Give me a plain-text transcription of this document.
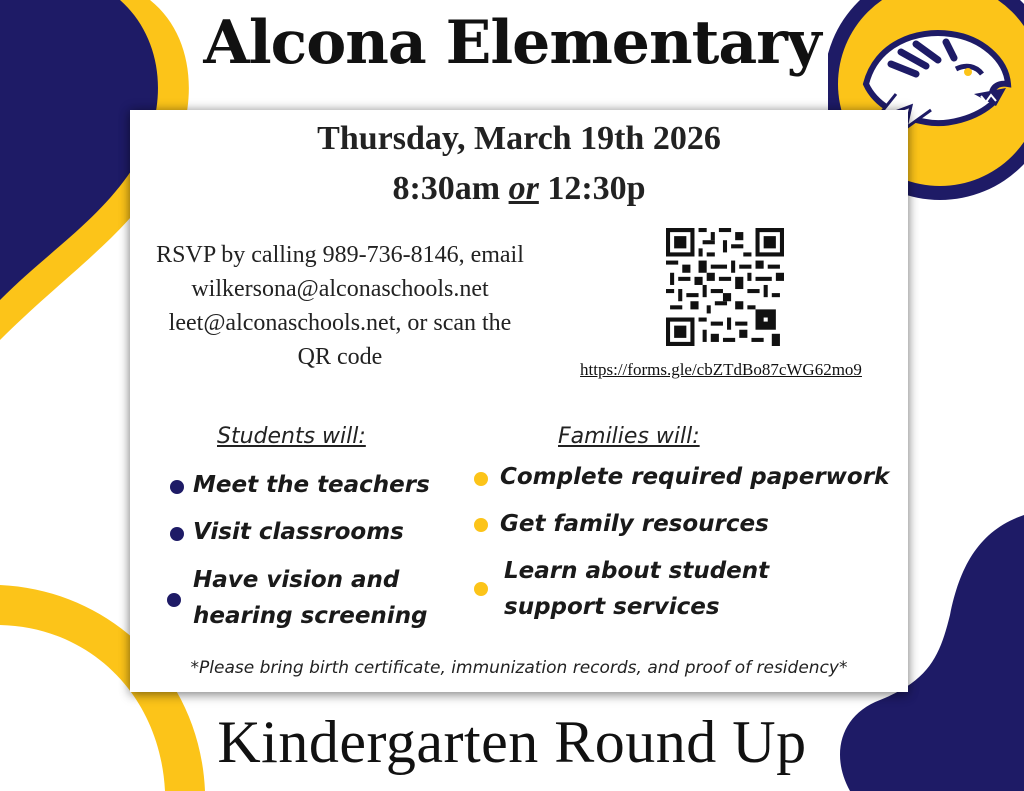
Alcona Elementary
Thursday, March 19th 2026
8:30am or 12:30p
RSVP by calling 989-736-8146, email
wilkersona@alconaschools.net
leet@alconaschools.net, or scan the
QR code	https://forms.gle/cbZTdBo87cWG62mo9
Students will:
Meet the teachers
Visit classrooms
Have vision and
hearing screening
Families will:
Complete required paperwork
Get family resources
Learn about student
support services
*Please bring birth certificate, immunization records, and proof of residency*
Kindergarten Round Up
